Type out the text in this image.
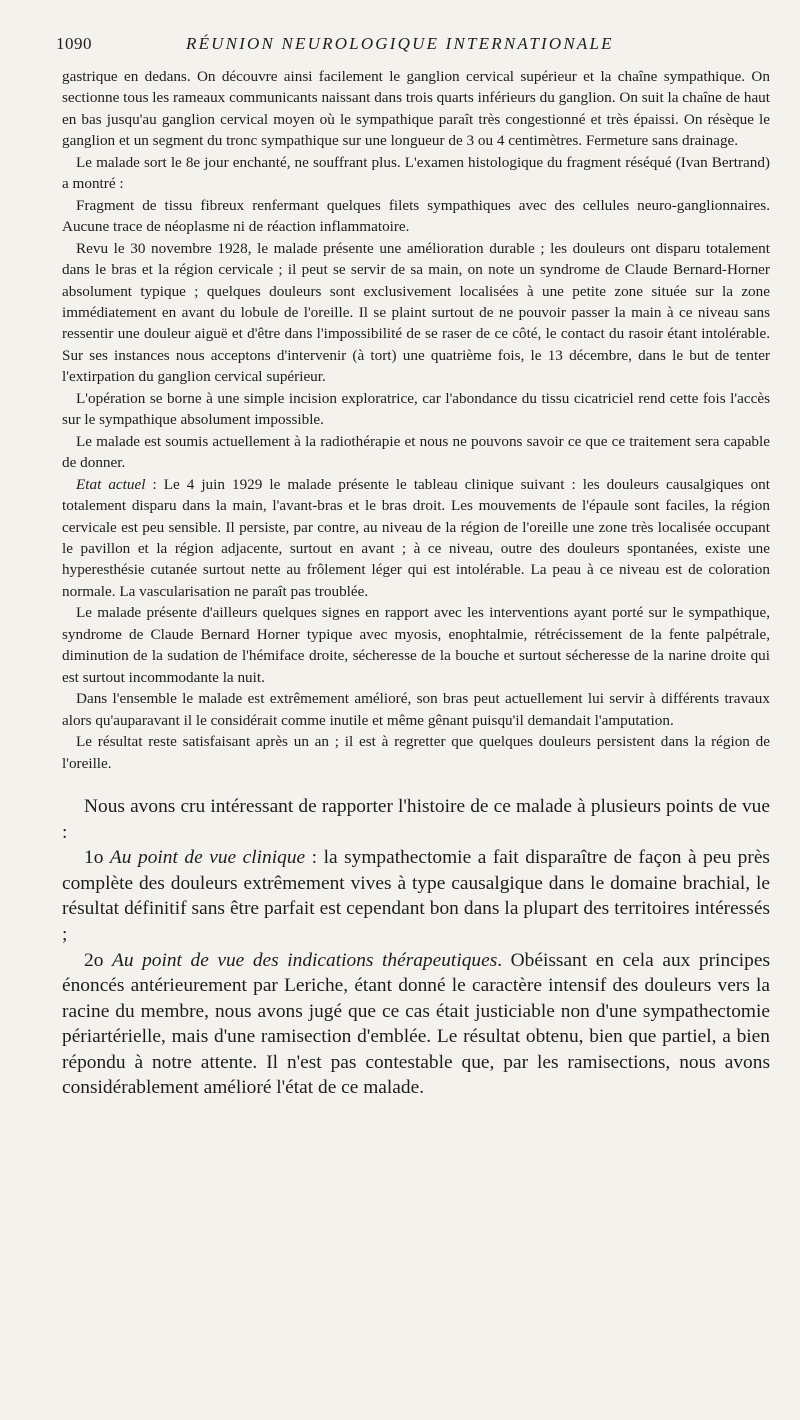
1090	RÉUNION NEUROLOGIQUE INTERNATIONALE

gastrique en dedans. On découvre ainsi facilement le ganglion cervical supérieur et la chaîne sympathique. On sectionne tous les rameaux communicants naissant dans trois quarts inférieurs du ganglion. On suit la chaîne de haut en bas jusqu'au ganglion cervical moyen où le sympathique paraît très congestionné et très épaissi. On résèque le ganglion et un segment du tronc sympathique sur une longueur de 3 ou 4 centimètres. Fermeture sans drainage.

Le malade sort le 8e jour enchanté, ne souffrant plus. L'examen histologique du fragment réséqué (Ivan Bertrand) a montré :

Fragment de tissu fibreux renfermant quelques filets sympathiques avec des cellules neuro-ganglionnaires. Aucune trace de néoplasme ni de réaction inflammatoire.

Revu le 30 novembre 1928, le malade présente une amélioration durable ; les douleurs ont disparu totalement dans le bras et la région cervicale ; il peut se servir de sa main, on note un syndrome de Claude Bernard-Horner absolument typique ; quelques douleurs sont exclusivement localisées à une petite zone située sur la zone immédiatement en avant du lobule de l'oreille. Il se plaint surtout de ne pouvoir passer la main à ce niveau sans ressentir une douleur aiguë et d'être dans l'impossibilité de se raser de ce côté, le contact du rasoir étant intolérable. Sur ses instances nous acceptons d'intervenir (à tort) une quatrième fois, le 13 décembre, dans le but de tenter l'extirpation du ganglion cervical supérieur.

L'opération se borne à une simple incision exploratrice, car l'abondance du tissu cicatriciel rend cette fois l'accès sur le sympathique absolument impossible.

Le malade est soumis actuellement à la radiothérapie et nous ne pouvons savoir ce que ce traitement sera capable de donner.

Etat actuel : Le 4 juin 1929 le malade présente le tableau clinique suivant : les douleurs causalgiques ont totalement disparu dans la main, l'avant-bras et le bras droit. Les mouvements de l'épaule sont faciles, la région cervicale est peu sensible. Il persiste, par contre, au niveau de la région de l'oreille une zone très localisée occupant le pavillon et la région adjacente, surtout en avant ; à ce niveau, outre des douleurs spontanées, existe une hyperesthésie cutanée surtout nette au frôlement léger qui est intolérable. La peau à ce niveau est de coloration normale. La vascularisation ne paraît pas troublée.

Le malade présente d'ailleurs quelques signes en rapport avec les interventions ayant porté sur le sympathique, syndrome de Claude Bernard Horner typique avec myosis, enophtalmie, rétrécissement de la fente palpétrale, diminution de la sudation de l'hémiface droite, sécheresse de la bouche et surtout sécheresse de la narine droite qui est surtout incommodante la nuit.

Dans l'ensemble le malade est extrêmement amélioré, son bras peut actuellement lui servir à différents travaux alors qu'auparavant il le considérait comme inutile et même gênant puisqu'il demandait l'amputation.

Le résultat reste satisfaisant après un an ; il est à regretter que quelques douleurs persistent dans la région de l'oreille.

Nous avons cru intéressant de rapporter l'histoire de ce malade à plusieurs points de vue :

1o Au point de vue clinique : la sympathectomie a fait disparaître de façon à peu près complète des douleurs extrêmement vives à type causalgique dans le domaine brachial, le résultat définitif sans être parfait est cependant bon dans la plupart des territoires intéressés ;

2o Au point de vue des indications thérapeutiques. Obéissant en cela aux principes énoncés antérieurement par Leriche, étant donné le caractère intensif des douleurs vers la racine du membre, nous avons jugé que ce cas était justiciable non d'une sympathectomie périartérielle, mais d'une ramisection d'emblée. Le résultat obtenu, bien que partiel, a bien répondu à notre attente. Il n'est pas contestable que, par les ramisections, nous avons considérablement amélioré l'état de ce malade.
